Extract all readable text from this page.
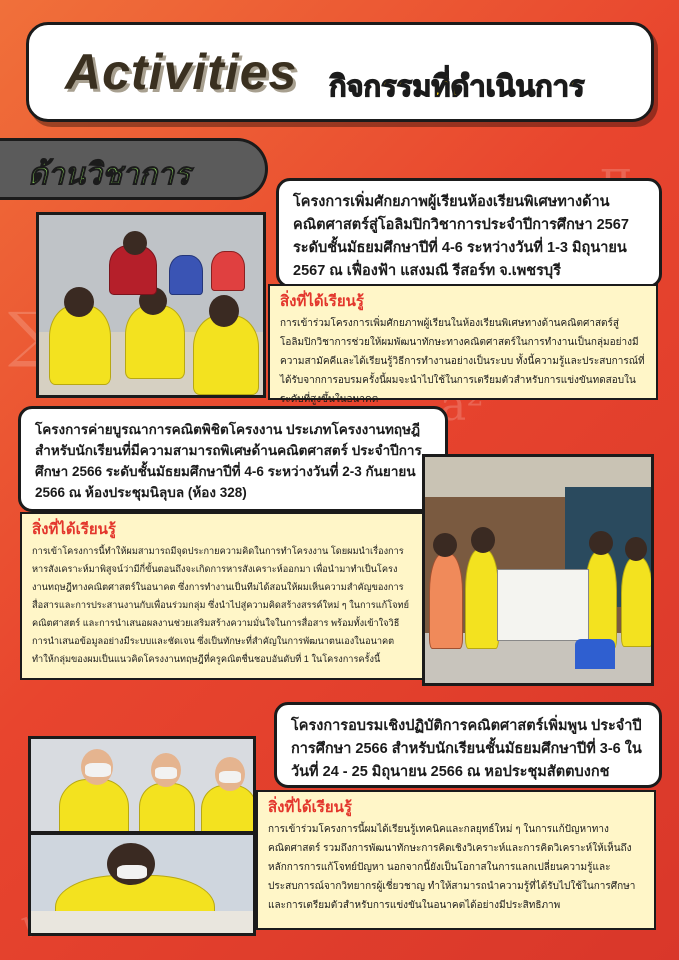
∑
a²
Activities กิจกรรมที่ดำเนินการ
ด้านวิชาการ
โครงการเพิ่มศักยภาพผู้เรียนห้องเรียนพิเศษทางด้านคณิตศาสตร์สู่โอลิมปิกวิชาการประจำปีการศึกษา 2567 ระดับชั้นมัธยมศึกษาปีที่ 4-6 ระหว่างวันที่ 1-3 มิถุนายน 2567 ณ เฟื่องฟ้า แสงมณี รีสอร์ท จ.เพชรบุรี
สิ่งที่ได้เรียนรู้
การเข้าร่วมโครงการเพิ่มศักยภาพผู้เรียนในห้องเรียนพิเศษทางด้านคณิตศาสตร์สู่โอลิมปิกวิชาการช่วยให้ผมพัฒนาทักษะทางคณิตศาสตร์ในการทำงานเป็นกลุ่มอย่างมีความสามัคคีและได้เรียนรู้วิธีการทำงานอย่างเป็นระบบ ทั้งนี้ความรู้และประสบการณ์ที่ได้รับจากการอบรมครั้งนี้ผมจะนำไปใช้ในการเตรียมตัวสำหรับการแข่งขันทดสอบในระดับที่สูงขึ้นในอนาคต
โครงการค่ายบูรณาการคณิตพิชิตโครงงาน ประเภทโครงงานทฤษฎี สำหรับนักเรียนที่มีความสามารถพิเศษด้านคณิตศาสตร์ ประจำปีการศึกษา 2566 ระดับชั้นมัธยมศึกษาปีที่ 4-6 ระหว่างวันที่ 2-3 กันยายน 2566 ณ ห้องประชุมนิลุบล (ห้อง 328)
สิ่งที่ได้เรียนรู้
การเข้าโครงการนี้ทำให้ผมสามารถมีจุดประกายความคิดในการทำโครงงาน โดยผมนำเรื่องการหารสังเคราะห์มาพิสูจน์ว่ามีกี่ขั้นตอนถึงจะเกิดการหารสังเคราะห์ออกมา เพื่อนำมาทำเป็นโครงงานทฤษฎีทางคณิตศาสตร์ในอนาคต ซึ่งการทำงานเป็นทีมได้สอนให้ผมเห็นความสำคัญของการสื่อสารและการประสานงานกับเพื่อนร่วมกลุ่ม ซึ่งนำไปสู่ความคิดสร้างสรรค์ใหม่ ๆ ในการแก้โจทย์คณิตศาสตร์ และการนำเสนอผลงานช่วยเสริมสร้างความมั่นใจในการสื่อสาร พร้อมทั้งเข้าใจวิธีการนำเสนอข้อมูลอย่างมีระบบและชัดเจน ซึ่งเป็นทักษะที่สำคัญในการพัฒนาตนเองในอนาคต ทำให้กลุ่มของผมเป็นแนวคิดโครงงานทฤษฎีที่ครูคณิตชื่นชอบอันดับที่ 1 ในโครงการครั้งนี้
โครงการอบรมเชิงปฏิบัติการคณิตศาสตร์เพิ่มพูน ประจำปีการศึกษา 2566 สำหรับนักเรียนชั้นมัธยมศึกษาปีที่ 3-6 ในวันที่ 24 - 25 มิถุนายน 2566 ณ หอประชุมสัตตบงกช
สิ่งที่ได้เรียนรู้
การเข้าร่วมโครงการนี้ผมได้เรียนรู้เทคนิคและกลยุทธ์ใหม่ ๆ ในการแก้ปัญหาทางคณิตศาสตร์ รวมถึงการพัฒนาทักษะการคิดเชิงวิเคราะห์และการคิดวิเคราะห์ให้เห็นถึงหลักการการแก้โจทย์ปัญหา นอกจากนี้ยังเป็นโอกาสในการแลกเปลี่ยนความรู้และประสบการณ์จากวิทยากรผู้เชี่ยวชาญ ทำให้สามารถนำความรู้ที่ได้รับไปใช้ในการศึกษาและการเตรียมตัวสำหรับการแข่งขันในอนาคตได้อย่างมีประสิทธิภาพ
